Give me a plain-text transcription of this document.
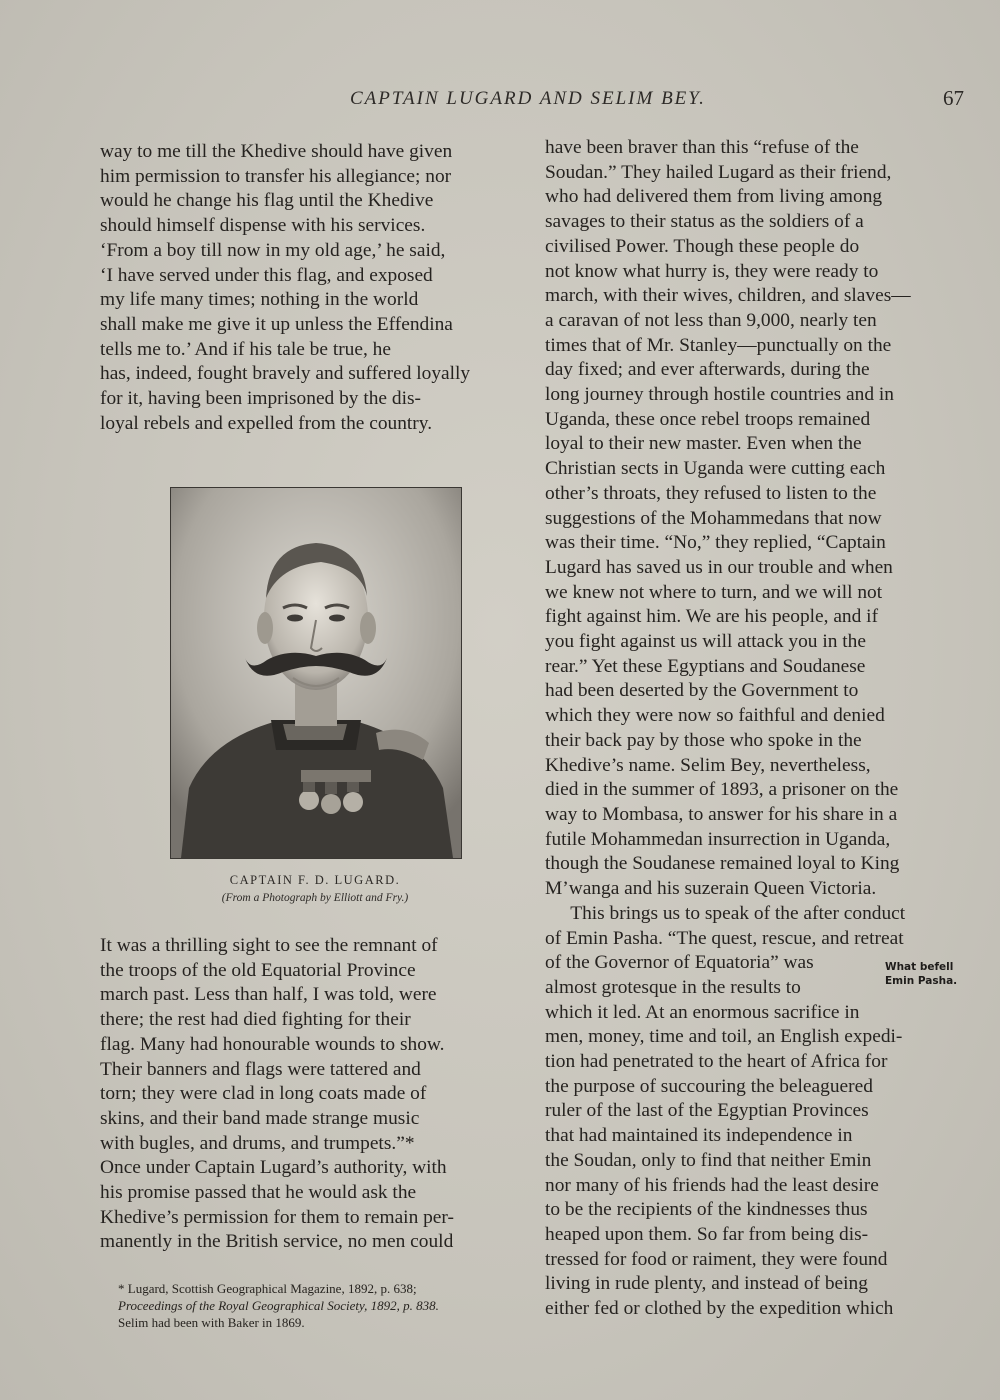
CAPTAIN LUGARD AND SELIM BEY.	67

way to me till the Khedive should have given

him permission to transfer his allegiance; nor

would he change his flag until the Khedive

should himself dispense with his services.

‘From a boy till now in my old age,’ he said,

‘I have served under this flag, and exposed

my life many times; nothing in the world

shall make me give it up unless the Effendina

tells me to.’ And if his tale be true, he

has, indeed, fought bravely and suffered loyally

for it, having been imprisoned by the dis-

loyal rebels and expelled from the country.

CAPTAIN F. D. LUGARD.
(From a Photograph by Elliott and Fry.)

It was a thrilling sight to see the remnant of

the troops of the old Equatorial Province

march past. Less than half, I was told, were

there; the rest had died fighting for their

flag. Many had honourable wounds to show.

Their banners and flags were tattered and

torn; they were clad in long coats made of

skins, and their band made strange music

with bugles, and drums, and trumpets.”*

Once under Captain Lugard’s authority, with

his promise passed that he would ask the

Khedive’s permission for them to remain per-

manently in the British service, no men could

have been braver than this “refuse of the

Soudan.” They hailed Lugard as their friend,

who had delivered them from living among

savages to their status as the soldiers of a

civilised Power. Though these people do

not know what hurry is, they were ready to

march, with their wives, children, and slaves—

a caravan of not less than 9,000, nearly ten

times that of Mr. Stanley—punctually on the

day fixed; and ever afterwards, during the

long journey through hostile countries and in

Uganda, these once rebel troops remained

loyal to their new master. Even when the

Christian sects in Uganda were cutting each

other’s throats, they refused to listen to the

suggestions of the Mohammedans that now

was their time. “No,” they replied, “Captain

Lugard has saved us in our trouble and when

we knew not where to turn, and we will not

fight against him. We are his people, and if

you fight against us will attack you in the

rear.” Yet these Egyptians and Soudanese

had been deserted by the Government to

which they were now so faithful and denied

their back pay by those who spoke in the

Khedive’s name. Selim Bey, nevertheless,

died in the summer of 1893, a prisoner on the

way to Mombasa, to answer for his share in a

futile Mohammedan insurrection in Uganda,

though the Soudanese remained loyal to King

M’wanga and his suzerain Queen Victoria.

This brings us to speak of the after conduct

of Emin Pasha. “The quest, rescue, and retreat

of the Governor of Equatoria” was

almost grotesque in the results to

which it led. At an enormous sacrifice in

men, money, time and toil, an English expedi-

tion had penetrated to the heart of Africa for

the purpose of succouring the beleaguered

ruler of the last of the Egyptian Provinces

that had maintained its independence in

the Soudan, only to find that neither Emin

nor many of his friends had the least desire

to be the recipients of the kindnesses thus

heaped upon them. So far from being dis-

tressed for food or raiment, they were found

living in rude plenty, and instead of being

either fed or clothed by the expedition which

What befell
Emin Pasha.

* Lugard, Scottish Geographical Magazine, 1892, p. 638;

Proceedings of the Royal Geographical Society, 1892, p. 838.

Selim had been with Baker in 1869.
